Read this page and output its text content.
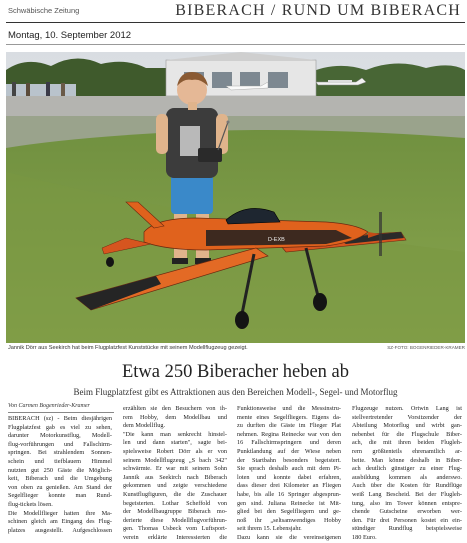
Schwäbische Zeitung	BIBERACH / RUND UM BIBERACH
Montag, 10. September 2012
D-EXB
Jannik Dörr aus Seekirch hat beim Flugplatzfest Kunststücke mit seinem Modellflugzeug gezeigt.	SZ-FOTO: BOGENRIEDER-KRAMER
Etwa 250 Biberacher heben ab
Beim Flugplatzfest gibt es Attraktionen aus den Bereichen Modell-, Segel- und Motorflug
Von Carmen Bogenrieder-Kramer
BIBERACH (sz) - Beim diesjährigen
Flugplatzfest gab es viel zu sehen,
darunter Motorkunstflug, Modell-
flug-vorführungen und Fallschirm-
springen. Bei strahlendem Sonnen-
schein und tiefblauem Himmel
nutzten gut 250 Gäste die Möglich-
keit, Biberach und die Umgebung
von oben zu genießen. Am Stand der
Segelflieger konnte man Rund-
flug-tickets lösen.
Die Modellflieger hatten ihre Ma-
schinen gleich am Eingang des Flug-
platzes ausgestellt. Aufgeschlossen
erzählten sie den Besuchern von ih-
rem Hobby, dem Modellbau und
dem Modellflug.
"Die kann man senkrecht hinstel-
len und dann starten", sagte bei-
spielsweise Robert Dörr als er von
seinem Modellflugzeug „S bach 342"
schwärmte. Er war mit seinem Sohn
Jannik aus Seekirch nach Biberach
gekommen und zeigte verschiedene
Kunstflugfiguren, die die Zuschauer
begeisterten. Lothar Scheffold von
der Modellbaugruppe Biberach mo-
derierte diese Modellflugvorführun-
gen. Thomas Usbeck vom Luftsport-
verein erklärte Interessierten die
Funktionsweise und die Messinstru-
mente eines Segelfliegers. Eigens da-
zu durften die Gäste im Flieger Plat
nehmen. Regina Reinecke war von den
16 Fallschirmspringern und deren
Punktlandung auf der Wiese neben
der Startbahn besonders begeistert.
Sie sprach deshalb auch mit dem Pi-
loten und konnte dabei erfahren,
dass dieser drei Kilometer an Fliegen
habe, bis alle 16 Springer abgesprun-
gen sind. Juliana Reinecke ist Mit-
glied bei den Segelfliegern und ge-
noß ihr „seltsamwendiges Hobby
seit ihrem 15. Lebensjahr.
Dazu kann sie die vereinseigenen
Flugzeuge nutzen. Ortwin Lang ist
stellvertretender Vorsitzender der
Abteilung Motorflug und wirbt gan-
nebenbei für die Flugschule Biber-
ach, die mit ihren beiden Flugleh-
rern größtenteils ehrenamtlich ar-
beite. Man könne deshalb in Biber-
ach deutlich günstiger zu einer Flug-
ausbildung kommen als anderswo.
Auch über die Kosten für Rundflüge
weiß Lang Bescheid. Bei der Flugleh-
tung, also im Tower können entspre-
chende Gutscheine erworben wer-
den. Für drei Personen kostet ein ein-
stündiger Rundflug beispielsweise
180 Euro.
